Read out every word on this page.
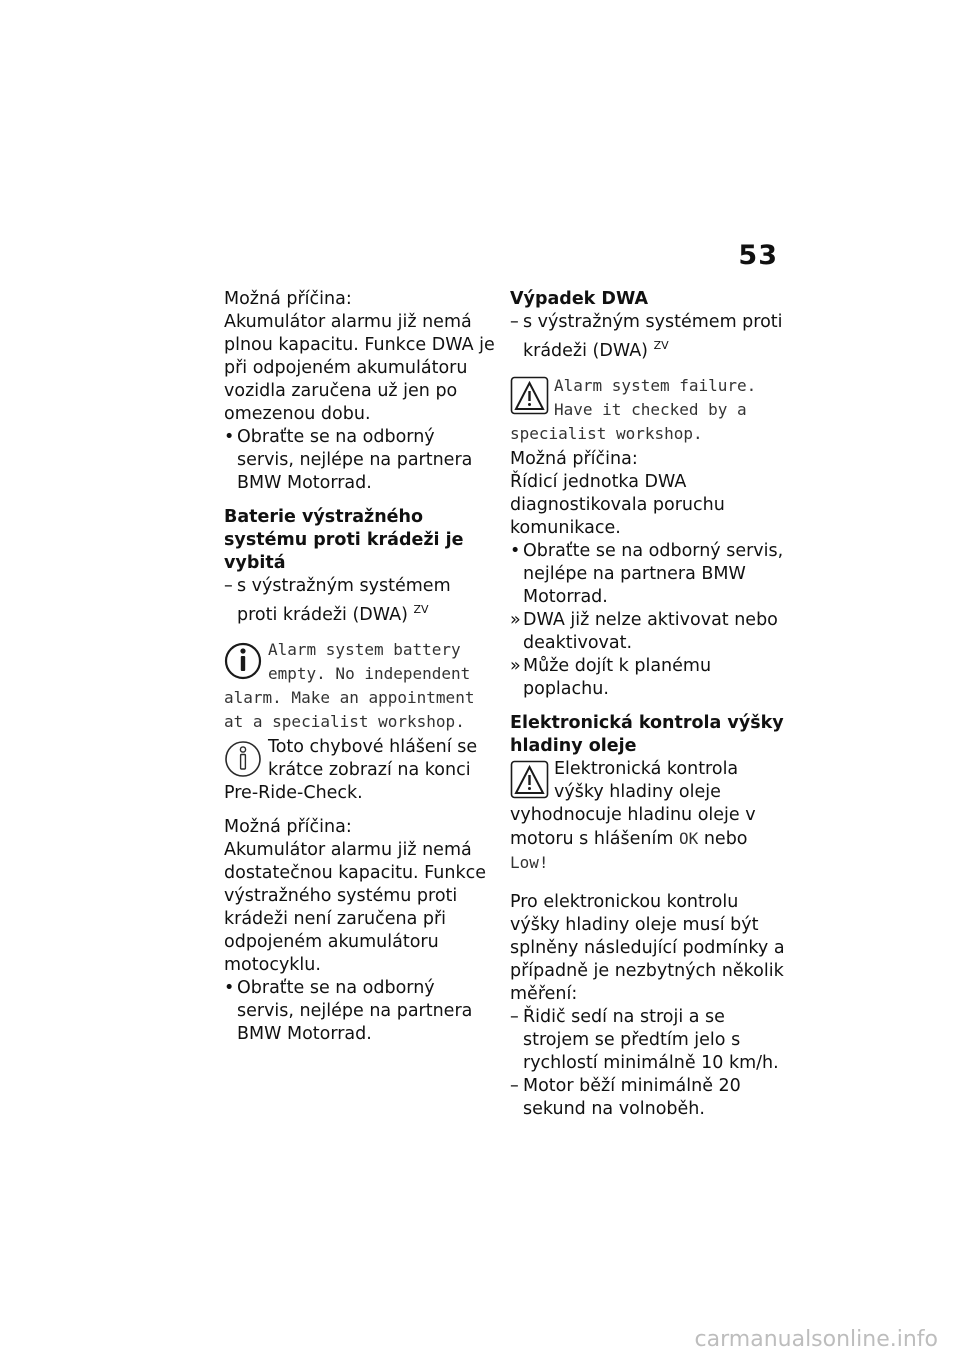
53

Možná příčina:

Akumulátor alarmu již nemá plnou kapacitu. Funkce DWA je při odpojeném akumulátoru vozidla zaručena už jen po omezenou dobu.

• Obraťte se na odborný servis, nejlépe na partnera BMW Motorrad.

Baterie výstražného systému proti krádeži je vybitá

– s výstražným systémem proti krádeži (DWA) $^{ZV}$
Alarm system battery empty. No independent alarm. Make an appointment at a specialist workshop.
Toto chybové hlášení se krátce zobrazí na konci Pre-Ride-Check.

Možná příčina:

Akumulátor alarmu již nemá dostatečnou kapacitu. Funkce výstražného systému proti krádeži není zaručena při odpojeném akumulátoru motocyklu.

• Obraťte se na odborný servis, nejlépe na partnera BMW Motorrad.

Výpadek DWA

– s výstražným systémem proti krádeži (DWA) $^{ZV}$
Alarm system failure. Have it checked by a specialist workshop.

Možná příčina:

Řídicí jednotka DWA diagnostikovala poruchu komunikace.

• Obraťte se na odborný servis, nejlépe na partnera BMW Motorrad.
» DWA již nelze aktivovat nebo deaktivovat.
» Může dojít k planému poplachu.

Elektronická kontrola výšky hladiny oleje

Elektronická kontrola výšky hladiny oleje vyhodnocuje hladinu oleje v motoru s hlášením OK nebo Low!

Pro elektronickou kontrolu výšky hladiny oleje musí být splněny následující podmínky a případně je nezbytných několik měření:

– Řidič sedí na stroji a se strojem se předtím jelo s rychlostí minimálně 10 km/h.
– Motor běží minimálně 20 sekund na volnoběh.
carmanualsonline.info
